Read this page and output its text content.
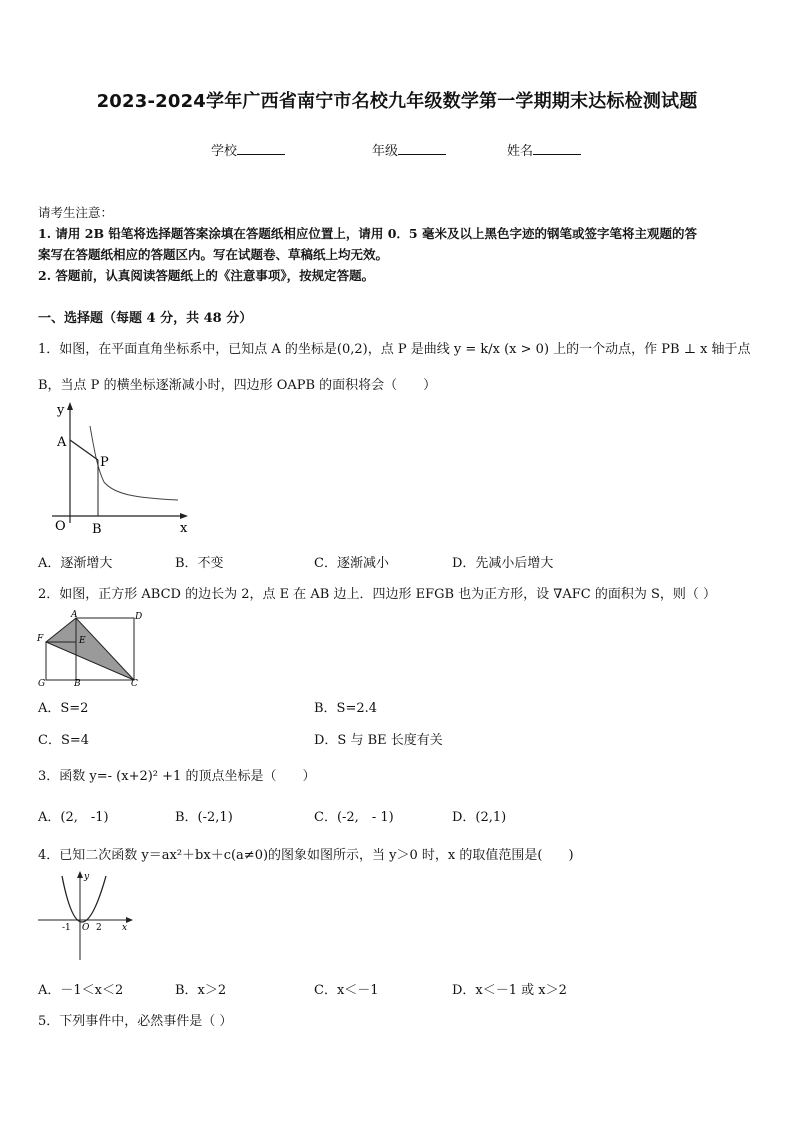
2023-2024学年广西省南宁市名校九年级数学第一学期期末达标检测试题
学校	年级	姓名
请考生注意：
1. 请用 2B 铅笔将选择题答案涂填在答题纸相应位置上，请用 0．5 毫米及以上黑色字迹的钢笔或签字笔将主观题的答
案写在答题纸相应的答题区内。写在试题卷、草稿纸上均无效。
2. 答题前，认真阅读答题纸上的《注意事项》，按规定答题。
一、选择题（每题 4 分，共 48 分）
1．如图，在平面直角坐标系中，已知点 A 的坐标是(0,2)，点 P 是曲线 y = k/x (x > 0) 上的一个动点，作 PB ⊥ x 轴于点
B，当点 P 的横坐标逐渐减小时，四边形 OAPB 的面积将会（　　）
y
A
P
O B	x
A．逐渐增大	B．不变	C．逐渐减小	D．先减小后增大
2．如图，正方形 ABCD 的边长为 2，点 E 在 AB 边上．四边形 EFGB 也为正方形，设 ∇AFC 的面积为 S，则（ ）
A	D
F	E
G	B	C
A．S=2	B．S=2.4
C．S=4	D．S 与 BE 长度有关
3．函数 y=- (x+2)² +1 的顶点坐标是（　　）
A．(2,　-1)	B．(-2,1)	C．(-2,　- 1)	D．(2,1)
4．已知二次函数 y＝ax²＋bx＋c(a≠0)的图象如图所示，当 y＞0 时，x 的取值范围是(　　)
y
-1 O 2 x
A．－1＜x＜2	B．x＞2	C．x＜－1	D．x＜－1 或 x＞2
5．下列事件中，必然事件是（ ）
